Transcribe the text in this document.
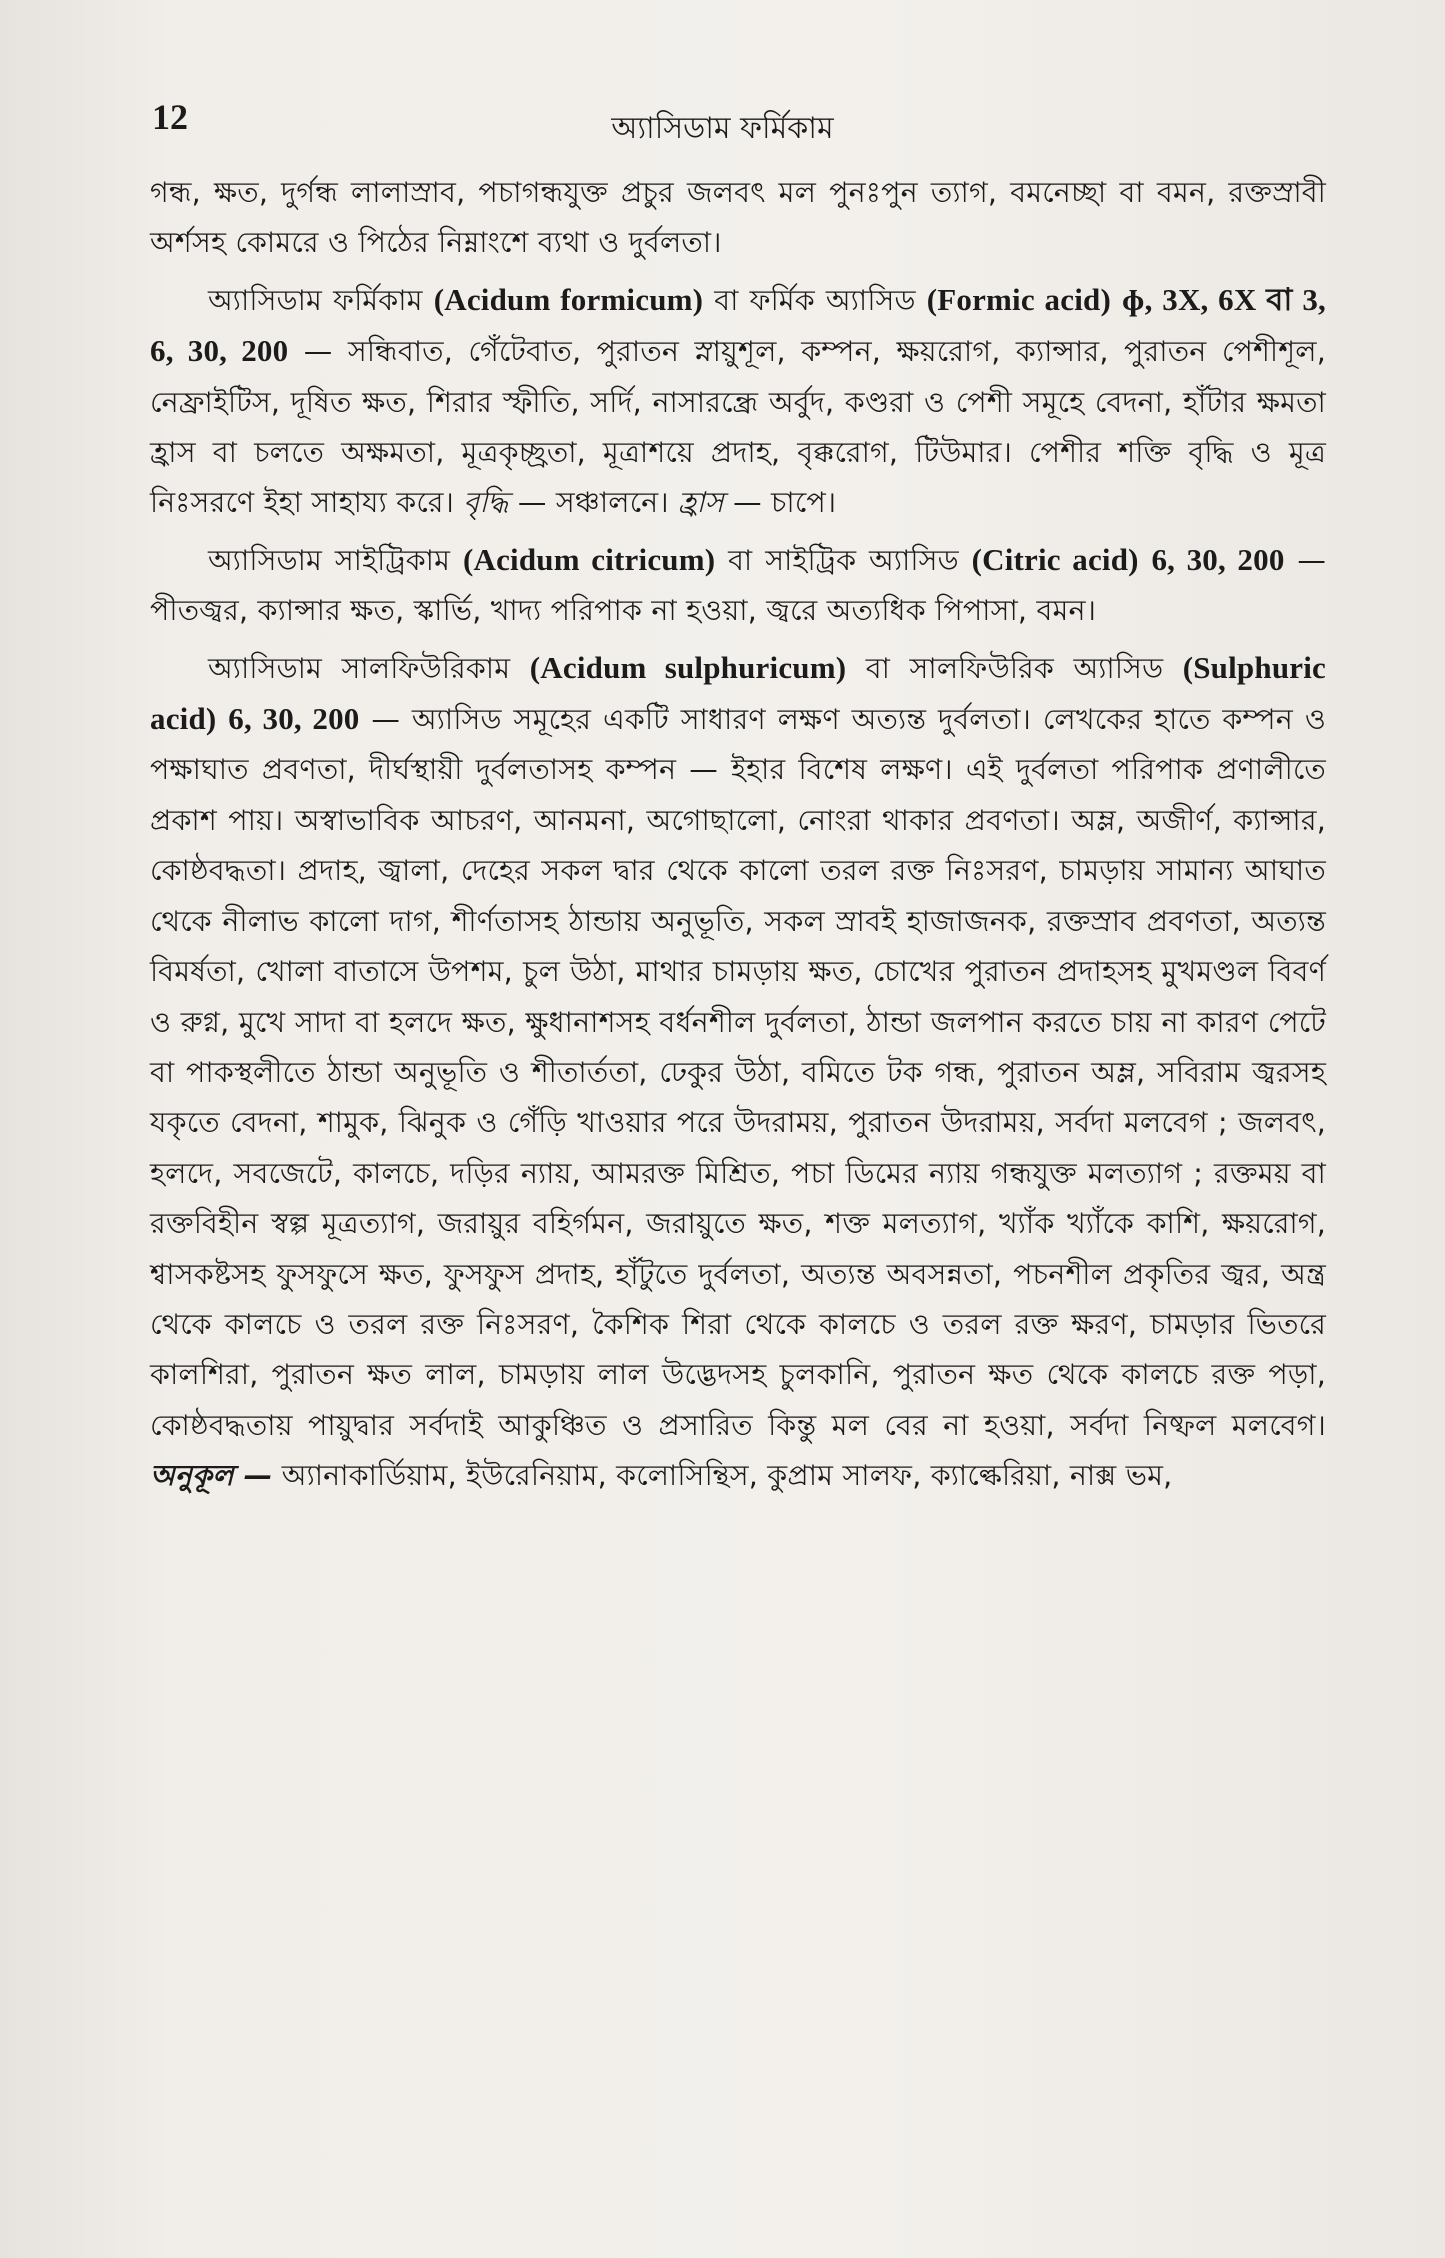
12	অ্যাসিডাম ফর্মিকাম

গন্ধ, ক্ষত, দুর্গন্ধ লালাস্রাব, পচাগন্ধযুক্ত প্রচুর জলবৎ মল পুনঃপুন ত্যাগ, বমনেচ্ছা বা বমন, রক্তস্রাবী অর্শসহ কোমরে ও পিঠের নিম্নাংশে ব্যথা ও দুর্বলতা।

অ্যাসিডাম ফর্মিকাম (Acidum formicum) বা ফর্মিক অ্যাসিড (Formic acid) ɸ, 3X, 6X বা 3, 6, 30, 200 — সন্ধিবাত, গেঁটেবাত, পুরাতন স্নায়ুশূল, কম্পন, ক্ষয়রোগ, ক্যান্সার, পুরাতন পেশীশূল, নেফ্রাইটিস, দূষিত ক্ষত, শিরার স্ফীতি, সর্দি, নাসারন্ধ্রে অর্বুদ, কণ্ডরা ও পেশী সমূহে বেদনা, হাঁটার ক্ষমতা হ্রাস বা চলতে অক্ষমতা, মূত্রকৃচ্ছ্রতা, মূত্রাশয়ে প্রদাহ, বৃক্করোগ, টিউমার। পেশীর শক্তি বৃদ্ধি ও মূত্র নিঃসরণে ইহা সাহায্য করে। বৃদ্ধি — সঞ্চালনে। হ্রাস — চাপে।

অ্যাসিডাম সাইট্রিকাম (Acidum citricum) বা সাইট্রিক অ্যাসিড (Citric acid) 6, 30, 200 — পীতজ্বর, ক্যান্সার ক্ষত, স্কার্ভি, খাদ্য পরিপাক না হওয়া, জ্বরে অত্যধিক পিপাসা, বমন।

অ্যাসিডাম সালফিউরিকাম (Acidum sulphuricum) বা সালফিউরিক অ্যাসিড (Sulphuric acid) 6, 30, 200 — অ্যাসিড সমূহের একটি সাধারণ লক্ষণ অত্যন্ত দুর্বলতা। লেখকের হাতে কম্পন ও পক্ষাঘাত প্রবণতা, দীর্ঘস্থায়ী দুর্বলতাসহ কম্পন — ইহার বিশেষ লক্ষণ। এই দুর্বলতা পরিপাক প্রণালীতে প্রকাশ পায়। অস্বাভাবিক আচরণ, আনমনা, অগোছালো, নোংরা থাকার প্রবণতা। অম্ল, অজীর্ণ, ক্যান্সার, কোষ্ঠবদ্ধতা। প্রদাহ, জ্বালা, দেহের সকল দ্বার থেকে কালো তরল রক্ত নিঃসরণ, চামড়ায় সামান্য আঘাত থেকে নীলাভ কালো দাগ, শীর্ণতাসহ ঠান্ডায় অনুভূতি, সকল স্রাবই হাজাজনক, রক্তস্রাব প্রবণতা, অত্যন্ত বিমর্ষতা, খোলা বাতাসে উপশম, চুল উঠা, মাথার চামড়ায় ক্ষত, চোখের পুরাতন প্রদাহসহ মুখমণ্ডল বিবর্ণ ও রুগ্ন, মুখে সাদা বা হলদে ক্ষত, ক্ষুধানাশসহ বর্ধনশীল দুর্বলতা, ঠান্ডা জলপান করতে চায় না কারণ পেটে বা পাকস্থলীতে ঠান্ডা অনুভূতি ও শীতার্ততা, ঢেকুর উঠা, বমিতে টক গন্ধ, পুরাতন অম্ল, সবিরাম জ্বরসহ যকৃতে বেদনা, শামুক, ঝিনুক ও গেঁড়ি খাওয়ার পরে উদরাময়, পুরাতন উদরাময়, সর্বদা মলবেগ ; জলবৎ, হলদে, সবজেটে, কালচে, দড়ির ন্যায়, আমরক্ত মিশ্রিত, পচা ডিমের ন্যায় গন্ধযুক্ত মলত্যাগ ; রক্তময় বা রক্তবিহীন স্বল্প মূত্রত্যাগ, জরায়ুর বহির্গমন, জরায়ুতে ক্ষত, শক্ত মলত্যাগ, খ্যাঁক খ্যাঁকে কাশি, ক্ষয়রোগ, শ্বাসকষ্টসহ ফুসফুসে ক্ষত, ফুসফুস প্রদাহ, হাঁটুতে দুর্বলতা, অত্যন্ত অবসন্নতা, পচনশীল প্রকৃতির জ্বর, অন্ত্র থেকে কালচে ও তরল রক্ত নিঃসরণ, কৈশিক শিরা থেকে কালচে ও তরল রক্ত ক্ষরণ, চামড়ার ভিতরে কালশিরা, পুরাতন ক্ষত লাল, চামড়ায় লাল উদ্ভেদসহ চুলকানি, পুরাতন ক্ষত থেকে কালচে রক্ত পড়া, কোষ্ঠবদ্ধতায় পায়ুদ্বার সর্বদাই আকুঞ্চিত ও প্রসারিত কিন্তু মল বের না হওয়া, সর্বদা নিষ্ফল মলবেগ। অনুকূল — অ্যানাকার্ডিয়াম, ইউরেনিয়াম, কলোসিন্থিস, কুপ্রাম সালফ, ক্যাল্কেরিয়া, নাক্স ভম,
